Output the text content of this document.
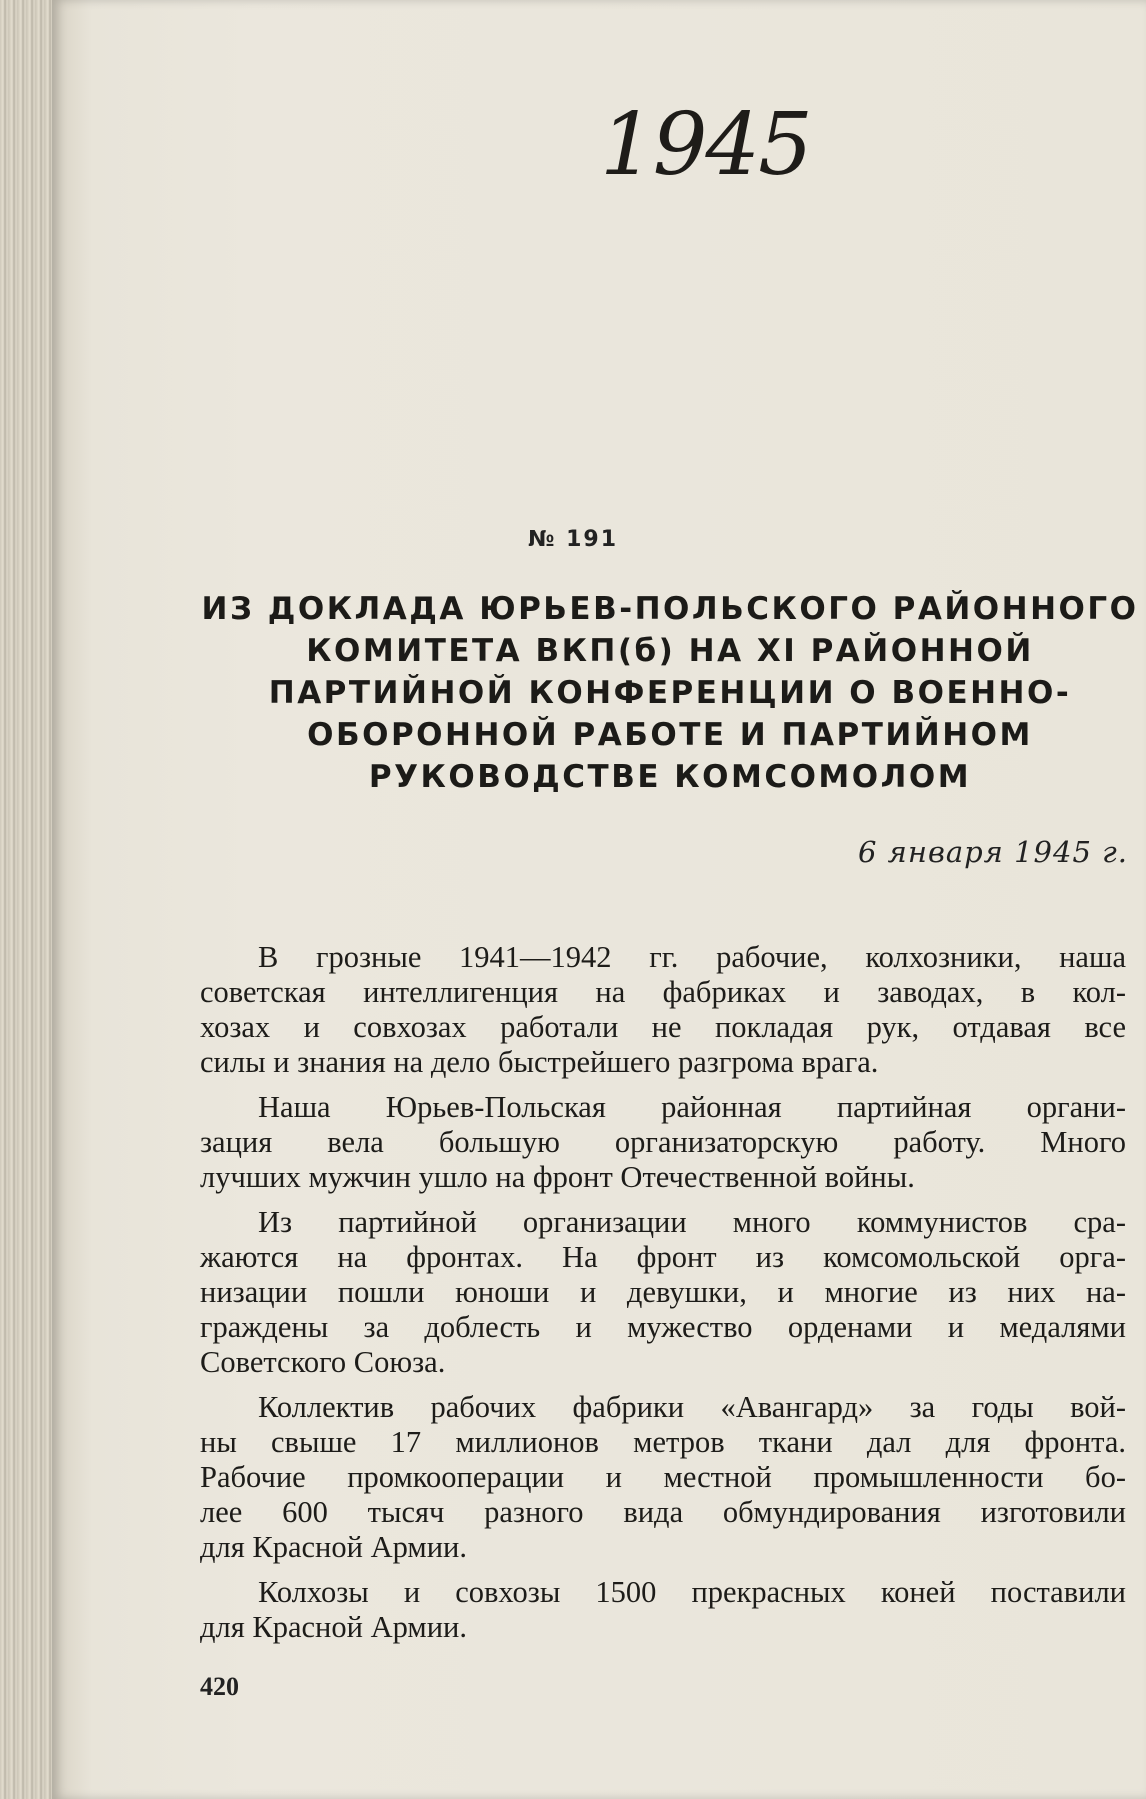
1945
№ 191
ИЗ ДОКЛАДА ЮРЬЕВ-ПОЛЬСКОГО РАЙОННОГО
КОМИТЕТА ВКП(б) НА XI РАЙОННОЙ
ПАРТИЙНОЙ КОНФЕРЕНЦИИ О ВОЕННО-
ОБОРОННОЙ РАБОТЕ И ПАРТИЙНОМ
РУКОВОДСТВЕ КОМСОМОЛОМ
6 января 1945 г.
В грозные 1941—1942 гг. рабочие, колхозники, наша
советская интеллигенция на фабриках и заводах, в кол-
хозах и совхозах работали не покладая рук, отдавая все
силы и знания на дело быстрейшего разгрома врага.
Наша Юрьев-Польская районная партийная органи-
зация вела большую организаторскую работу. Много
лучших мужчин ушло на фронт Отечественной войны.
Из партийной организации много коммунистов сра-
жаются на фронтах. На фронт из комсомольской орга-
низации пошли юноши и девушки, и многие из них на-
граждены за доблесть и мужество орденами и медалями
Советского Союза.
Коллектив рабочих фабрики «Авангард» за годы вой-
ны свыше 17 миллионов метров ткани дал для фронта.
Рабочие промкооперации и местной промышленности бо-
лее 600 тысяч разного вида обмундирования изготовили
для Красной Армии.
Колхозы и совхозы 1500 прекрасных коней поставили
для Красной Армии.
420
